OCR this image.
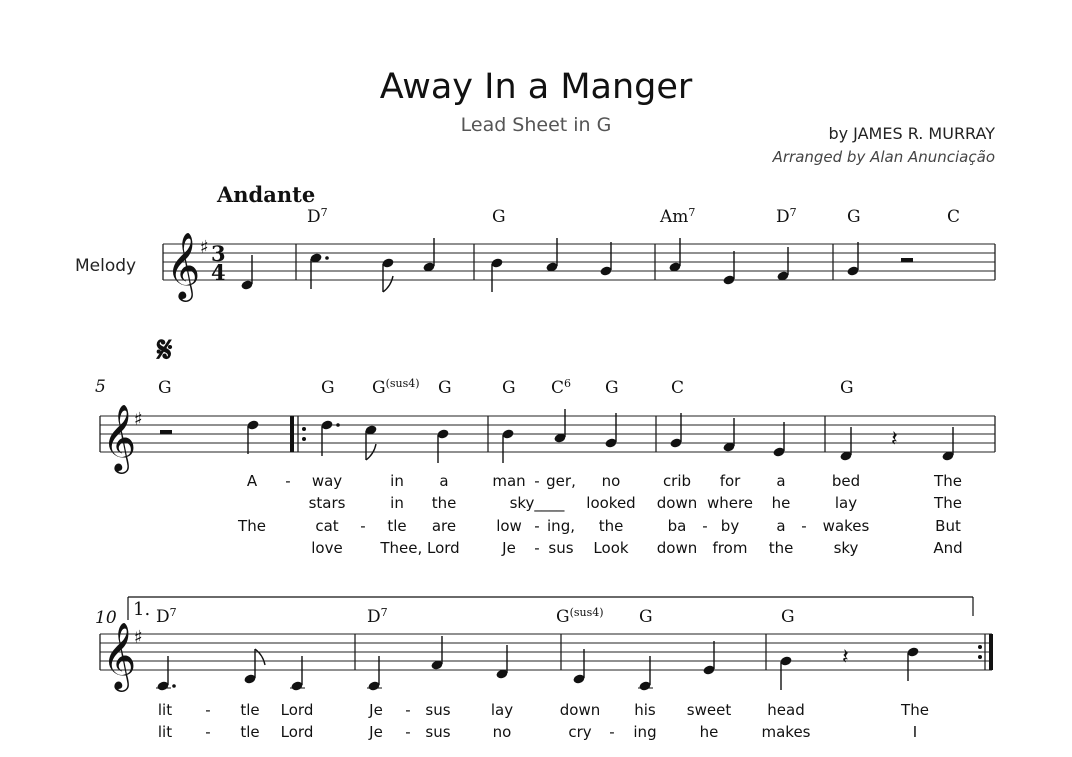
Away In a Manger
Lead Sheet in G	by JAMES R. MURRAY
Arranged by Alan Anunciação
Andante
Melody 𝄞 ♯ 3
4
$D^7$	G	Am$^7$	$D^7$	G	C
𝄋
5
𝄞
♯
𝄽
G	G $G^{(sus4)}$ G	G $C^6$ G	C	G
A - way	in a	man - ger, no	crib for a	bed	The
stars	in the	sky____ looked down where he	lay	The
The	cat - tle are	low - ing, the	ba - by a - wakes	But
love	Thee, Lord	Je - sus Look down from the	sky	And
10 1.
𝄞
♯
𝄽
$D^7$	$D^7$	$G^{(sus4)}$ G	G
lit - tle Lord	Je - sus	lay	down his sweet head	The
lit - tle Lord	Je - sus	no	cry - ing	he	makes	I
